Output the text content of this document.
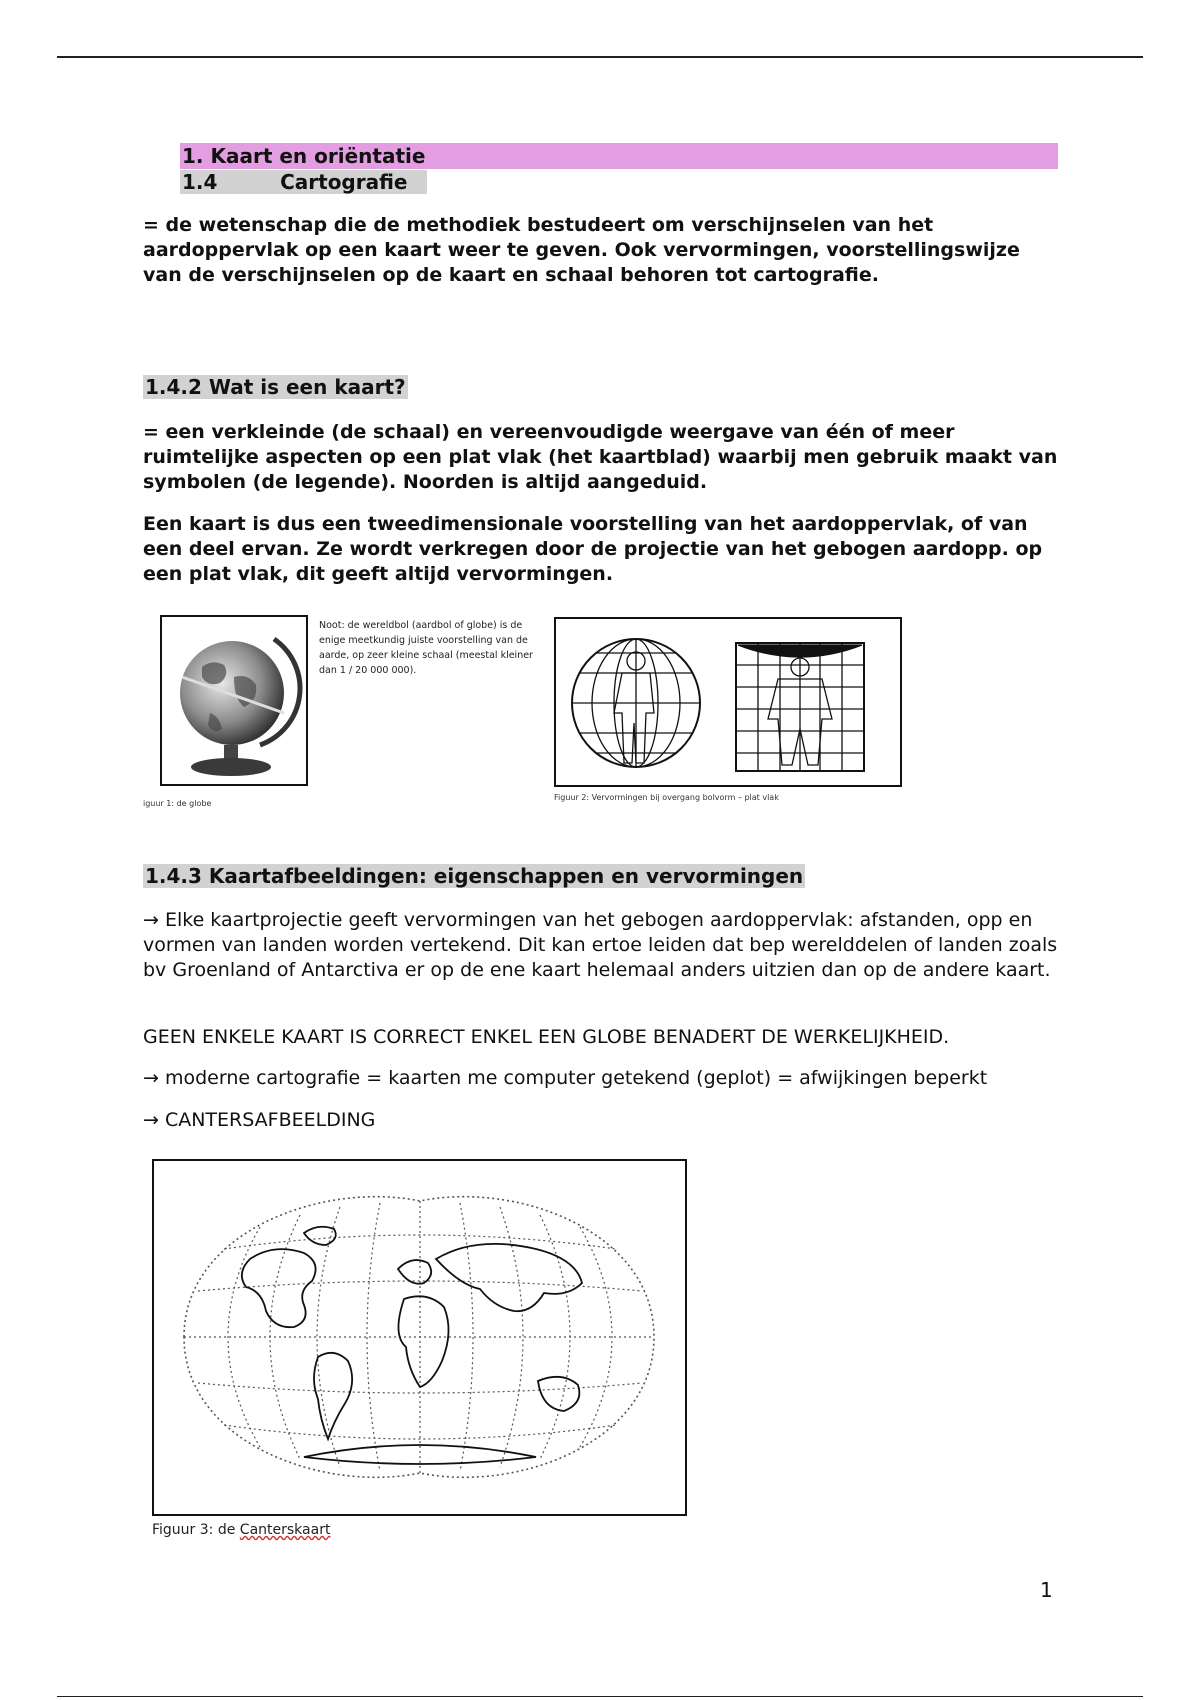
1. Kaart en oriëntatie
1.4         Cartografie
= de wetenschap die de methodiek bestudeert om verschijnselen van het aardoppervlak op een kaart weer te geven. Ook vervormingen, voorstellingswijze van de verschijnselen op de kaart en schaal behoren tot cartografie.
1.4.2 Wat is een kaart?
= een verkleinde (de schaal) en vereenvoudigde weergave van één of meer ruimtelijke aspecten op een plat vlak (het kaartblad) waarbij men gebruik maakt van symbolen (de legende). Noorden is altijd aangeduid.
Een kaart is dus een tweedimensionale voorstelling van het aardoppervlak, of van een deel ervan. Ze wordt verkregen door de projectie van het gebogen aardopp. op een plat vlak, dit geeft altijd vervormingen.
Noot: de wereldbol (aardbol of globe) is de enige meetkundig juiste voorstelling van de aarde, op zeer kleine schaal (meestal kleiner dan 1 / 20 000 000).
iguur 1: de globe
Figuur 2: Vervormingen bij overgang bolvorm – plat vlak
1.4.3 Kaartafbeeldingen: eigenschappen en vervormingen
→ Elke kaartprojectie geeft vervormingen van het gebogen aardoppervlak: afstanden, opp en vormen van landen worden vertekend. Dit kan ertoe leiden dat bep werelddelen of landen zoals bv Groenland of Antarctiva er op de ene kaart helemaal anders uitzien dan op de andere kaart.
GEEN ENKELE KAART IS CORRECT ENKEL EEN GLOBE BENADERT DE WERKELIJKHEID.
→ moderne cartografie = kaarten me computer getekend (geplot) = afwijkingen beperkt
→ CANTERSAFBEELDING
Figuur 3: de Canterskaart
1
